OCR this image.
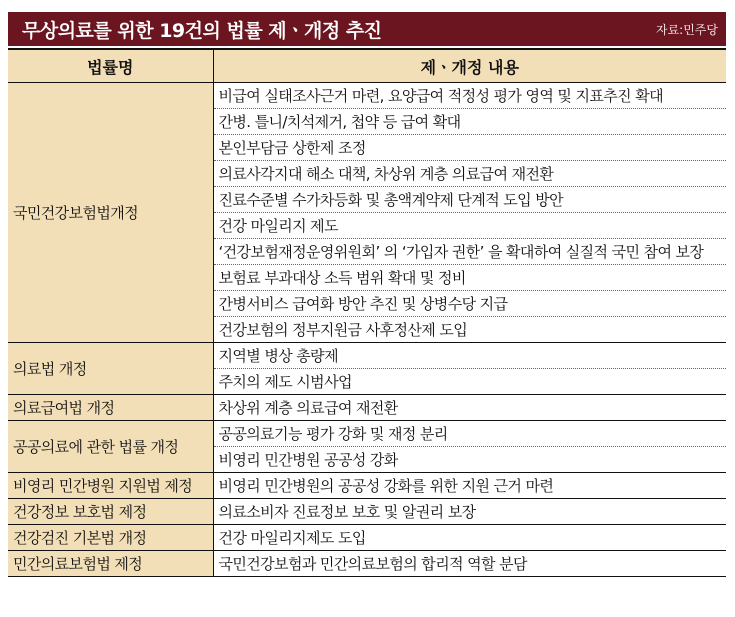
무상의료를 위한 19건의 법률 제ㆍ개정 추진	자료:민주당
법률명	제ㆍ개정 내용
국민건강보험법개정	비급여 실태조사근거 마련, 요양급여 적정성 평가 영역 및 지표추진 확대
	간병. 틀니/치석제거, 첩약 등 급여 확대
	본인부담금 상한제 조정
	의료사각지대 해소 대책, 차상위 계층 의료급여 재전환
	진료수준별 수가차등화 및 총액계약제 단계적 도입 방안
	건강 마일리지 제도
	‘건강보험재정운영위원회’ 의 ‘가입자 권한’ 을 확대하여 실질적 국민 참여 보장
	보험료 부과대상 소득 범위 확대 및 정비
	간병서비스 급여화 방안 추진 및 상병수당 지급
	건강보험의 정부지원금 사후정산제 도입
의료법 개정	지역별 병상 총량제
	주치의 제도 시범사업
의료급여법 개정	차상위 계층 의료급여 재전환
공공의료에 관한 법률 개정	공공의료기능 평가 강화 및 재정 분리
	비영리 민간병원 공공성 강화
비영리 민간병원 지원법 제정	비영리 민간병원의 공공성 강화를 위한 지원 근거 마련
건강정보 보호법 제정	의료소비자 진료정보 보호 및 알권리 보장
건강검진 기본법 개정	건강 마일리지제도 도입
민간의료보험법 제정	국민건강보험과 민간의료보험의 합리적 역할 분담
